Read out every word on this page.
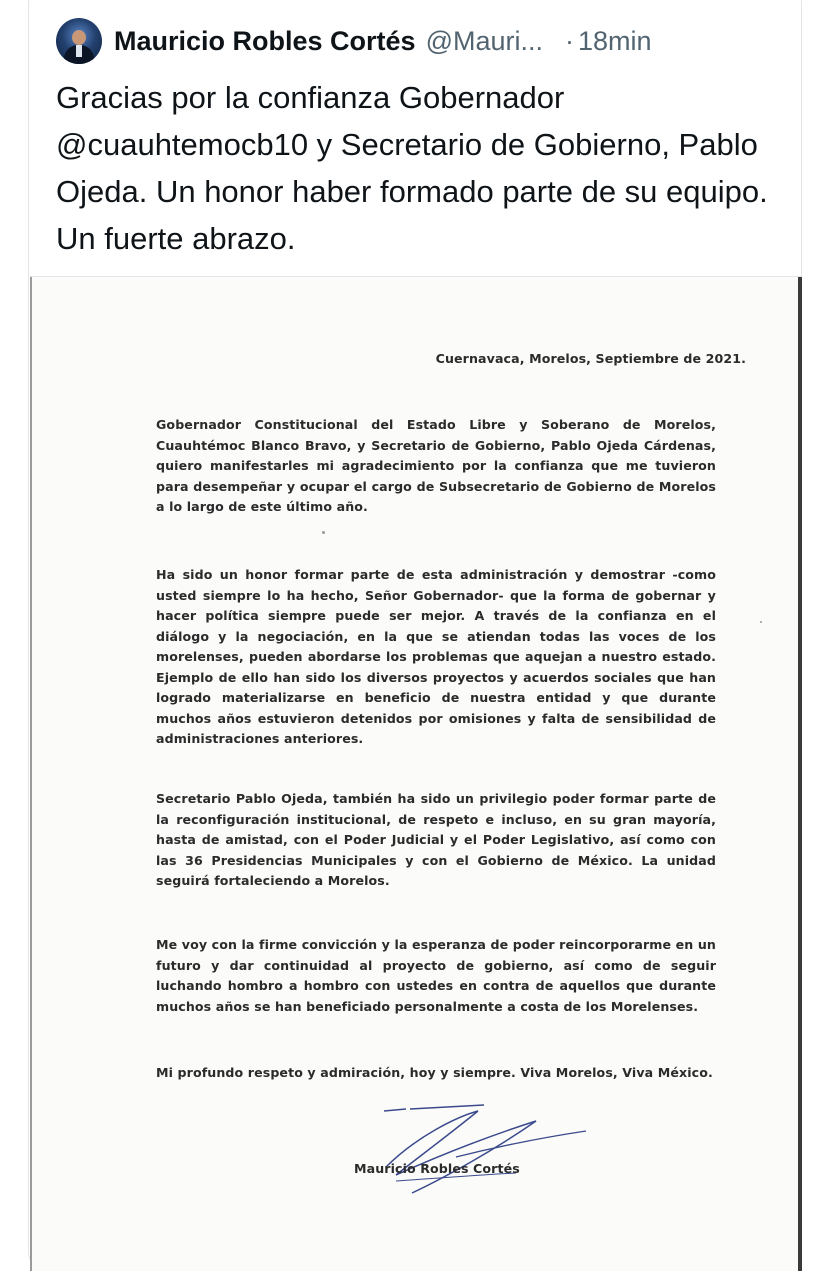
Mauricio Robles Cortés @Mauri... · 18min
Gracias por la confianza Gobernador @cuauhtemocb10 y Secretario de Gobierno, Pablo Ojeda. Un honor haber formado parte de su equipo. Un fuerte abrazo.
Cuernavaca, Morelos, Septiembre de 2021.
Gobernador Constitucional del Estado Libre y Soberano de Morelos, Cuauhtémoc Blanco Bravo, y Secretario de Gobierno, Pablo Ojeda Cárdenas, quiero manifestarles mi agradecimiento por la confianza que me tuvieron para desempeñar y ocupar el cargo de Subsecretario de Gobierno de Morelos a lo largo de este último año.
Ha sido un honor formar parte de esta administración y demostrar -como usted siempre lo ha hecho, Señor Gobernador- que la forma de gobernar y hacer política siempre puede ser mejor. A través de la confianza en el diálogo y la negociación, en la que se atiendan todas las voces de los morelenses, pueden abordarse los problemas que aquejan a nuestro estado. Ejemplo de ello han sido los diversos proyectos y acuerdos sociales que han logrado materializarse en beneficio de nuestra entidad y que durante muchos años estuvieron detenidos por omisiones y falta de sensibilidad de administraciones anteriores.
Secretario Pablo Ojeda, también ha sido un privilegio poder formar parte de la reconfiguración institucional, de respeto e incluso, en su gran mayoría, hasta de amistad, con el Poder Judicial y el Poder Legislativo, así como con las 36 Presidencias Municipales y con el Gobierno de México. La unidad seguirá fortaleciendo a Morelos.
Me voy con la firme convicción y la esperanza de poder reincorporarme en un futuro y dar continuidad al proyecto de gobierno, así como de seguir luchando hombro a hombro con ustedes en contra de aquellos que durante muchos años se han beneficiado personalmente a costa de los Morelenses.
Mi profundo respeto y admiración, hoy y siempre. Viva Morelos, Viva México.
Mauricio Robles Cortés
